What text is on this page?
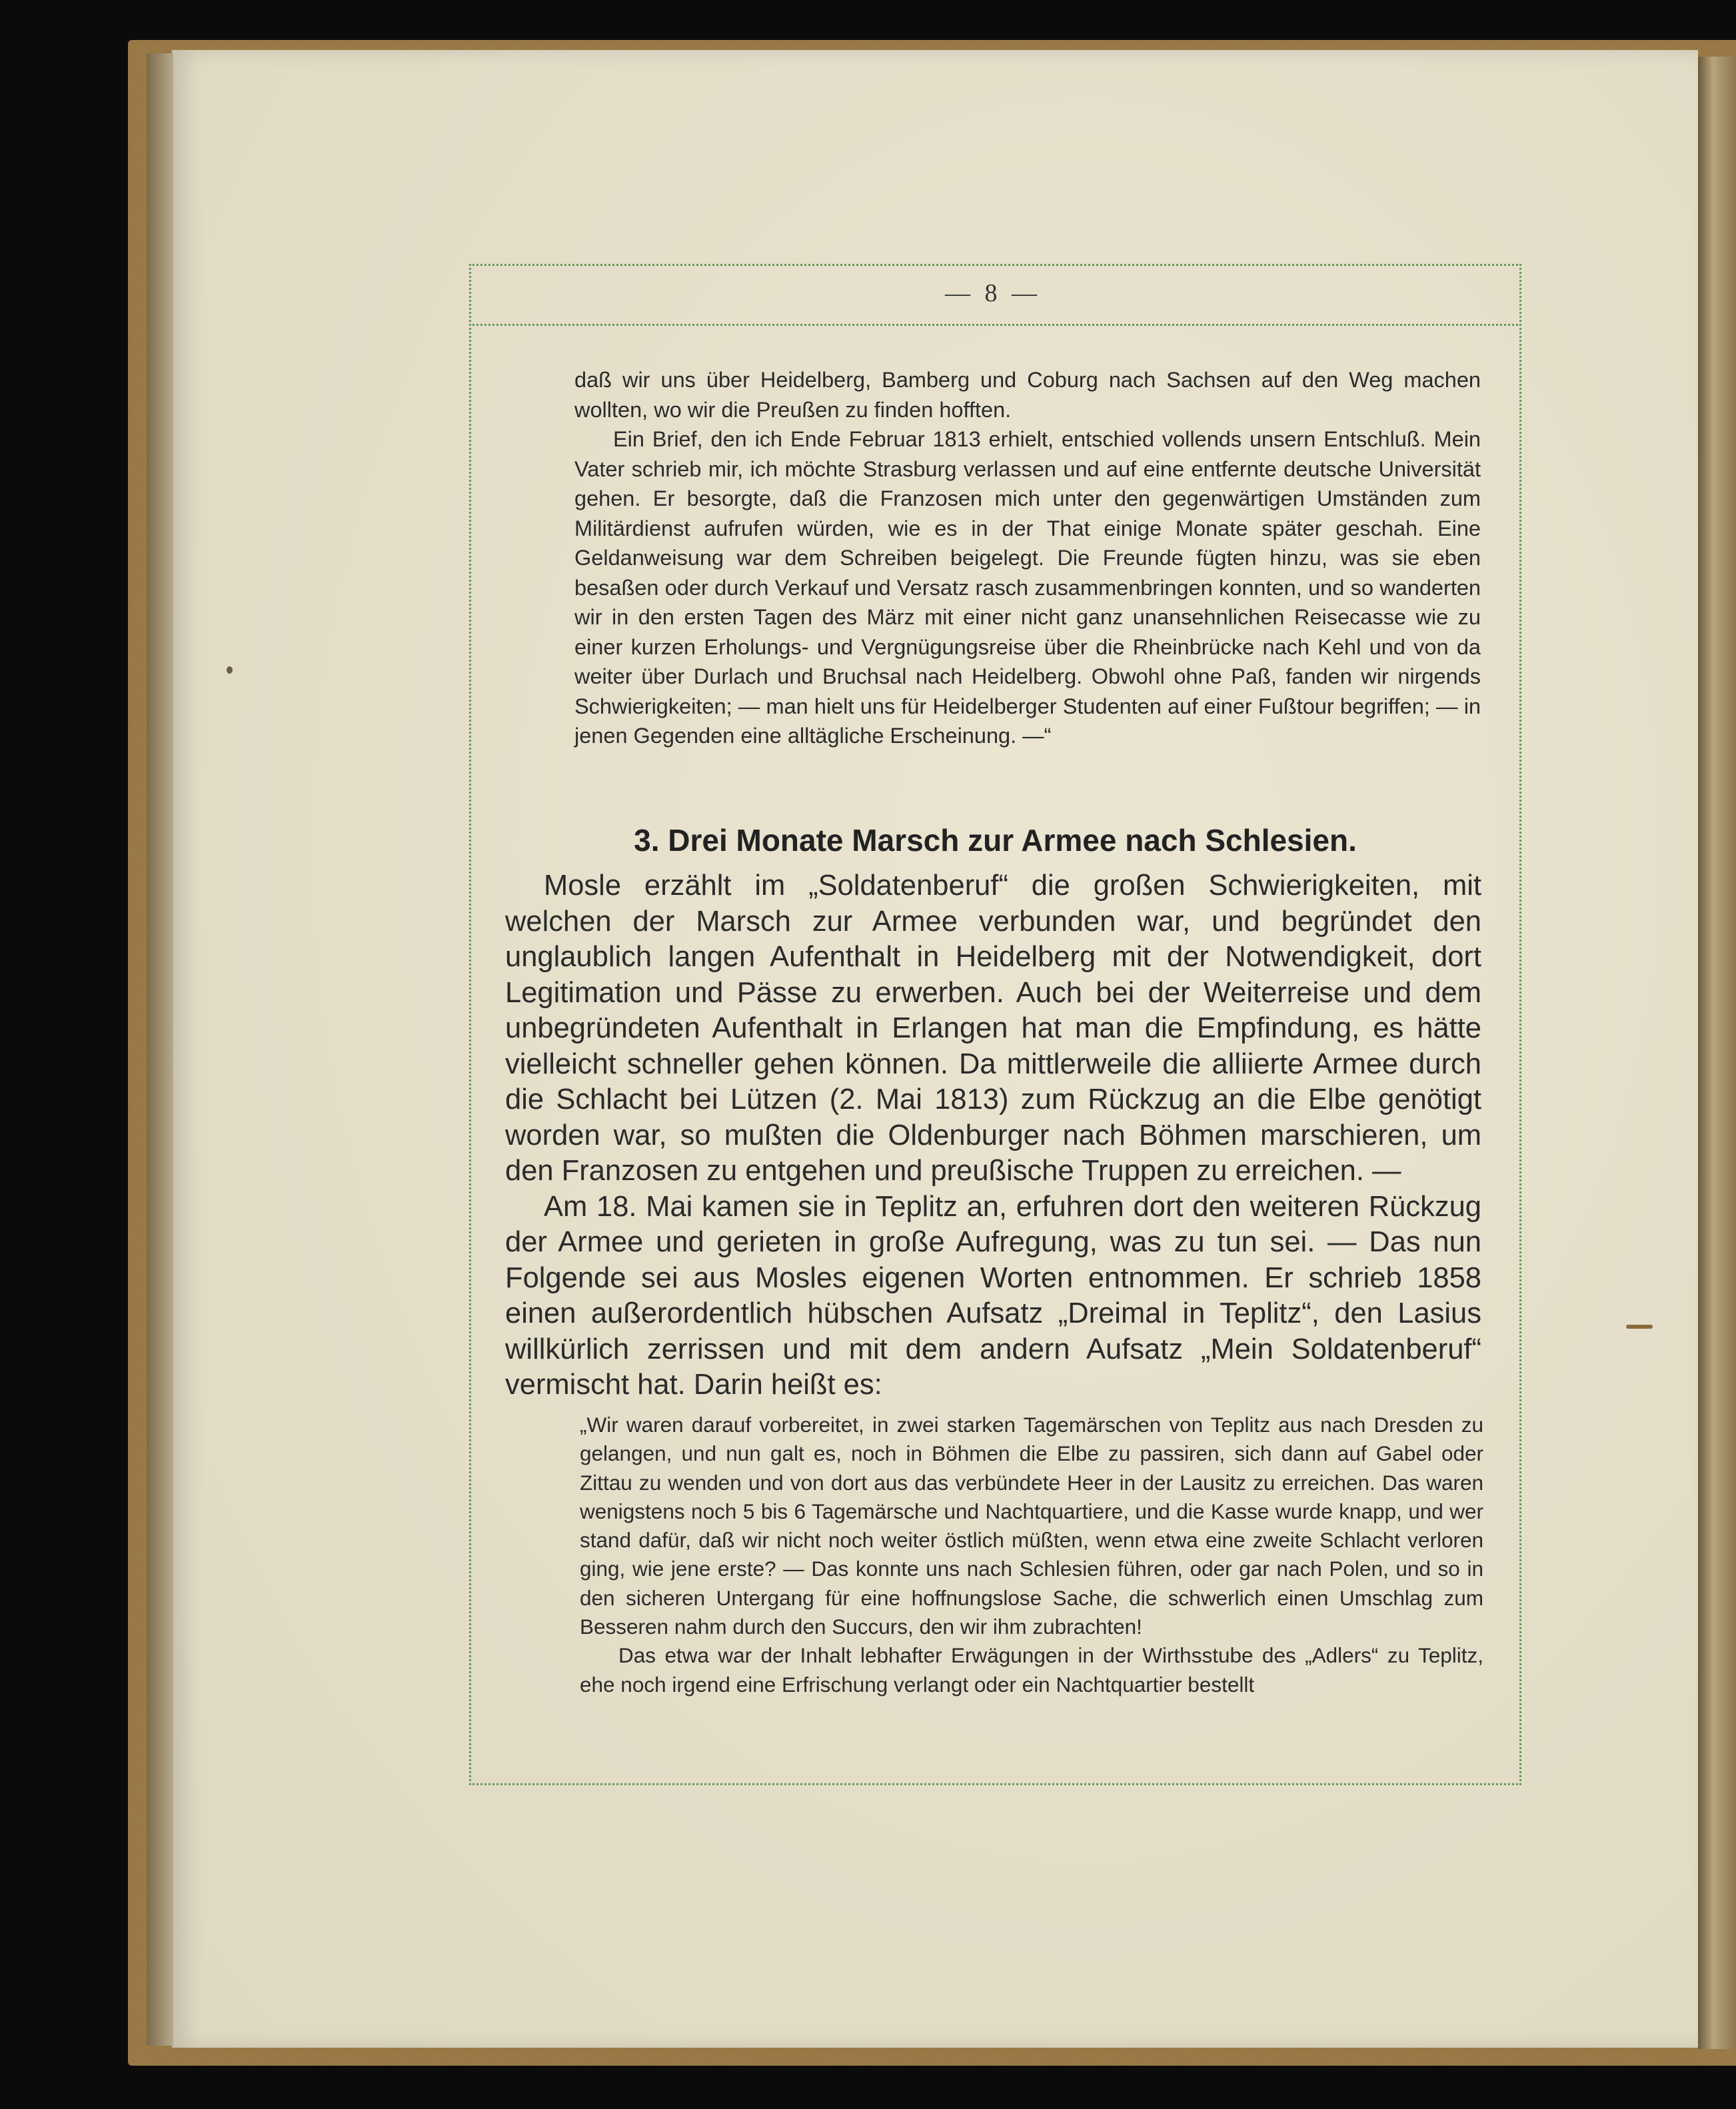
— 8 —

daß wir uns über Heidelberg, Bamberg und Coburg nach Sachsen auf den Weg machen wollten, wo wir die Preußen zu finden hofften.

Ein Brief, den ich Ende Februar 1813 erhielt, entschied vollends unsern Entschluß. Mein Vater schrieb mir, ich möchte Strasburg verlassen und auf eine entfernte deutsche Universität gehen. Er besorgte, daß die Franzosen mich unter den gegenwärtigen Umständen zum Militärdienst aufrufen würden, wie es in der That einige Monate später geschah. Eine Geldanweisung war dem Schreiben beigelegt. Die Freunde fügten hinzu, was sie eben besaßen oder durch Verkauf und Versatz rasch zusammenbringen konnten, und so wanderten wir in den ersten Tagen des März mit einer nicht ganz unansehnlichen Reisecasse wie zu einer kurzen Erholungs- und Vergnügungsreise über die Rheinbrücke nach Kehl und von da weiter über Durlach und Bruchsal nach Heidelberg. Obwohl ohne Paß, fanden wir nirgends Schwierigkeiten; — man hielt uns für Heidelberger Studenten auf einer Fußtour begriffen; — in jenen Gegenden eine alltägliche Erscheinung. —“

3. Drei Monate Marsch zur Armee nach Schlesien.

Mosle erzählt im „Soldatenberuf“ die großen Schwierigkeiten, mit welchen der Marsch zur Armee verbunden war, und begründet den unglaublich langen Aufenthalt in Heidelberg mit der Notwendigkeit, dort Legitimation und Pässe zu erwerben. Auch bei der Weiterreise und dem unbegründeten Aufenthalt in Erlangen hat man die Empfindung, es hätte vielleicht schneller gehen können. Da mittlerweile die alliierte Armee durch die Schlacht bei Lützen (2. Mai 1813) zum Rückzug an die Elbe genötigt worden war, so mußten die Oldenburger nach Böhmen marschieren, um den Franzosen zu entgehen und preußische Truppen zu erreichen. —

Am 18. Mai kamen sie in Teplitz an, erfuhren dort den weiteren Rückzug der Armee und gerieten in große Aufregung, was zu tun sei. — Das nun Folgende sei aus Mosles eigenen Worten entnommen. Er schrieb 1858 einen außerordentlich hübschen Aufsatz „Dreimal in Teplitz“, den Lasius willkürlich zerrissen und mit dem andern Aufsatz „Mein Soldatenberuf“ vermischt hat. Darin heißt es:

„Wir waren darauf vorbereitet, in zwei starken Tagemärschen von Teplitz aus nach Dresden zu gelangen, und nun galt es, noch in Böhmen die Elbe zu passiren, sich dann auf Gabel oder Zittau zu wenden und von dort aus das verbündete Heer in der Lausitz zu erreichen. Das waren wenigstens noch 5 bis 6 Tagemärsche und Nachtquartiere, und die Kasse wurde knapp, und wer stand dafür, daß wir nicht noch weiter östlich müßten, wenn etwa eine zweite Schlacht verloren ging, wie jene erste? — Das konnte uns nach Schlesien führen, oder gar nach Polen, und so in den sicheren Untergang für eine hoffnungslose Sache, die schwerlich einen Umschlag zum Besseren nahm durch den Succurs, den wir ihm zubrachten!

Das etwa war der Inhalt lebhafter Erwägungen in der Wirthsstube des „Adlers“ zu Teplitz, ehe noch irgend eine Erfrischung verlangt oder ein Nachtquartier bestellt
